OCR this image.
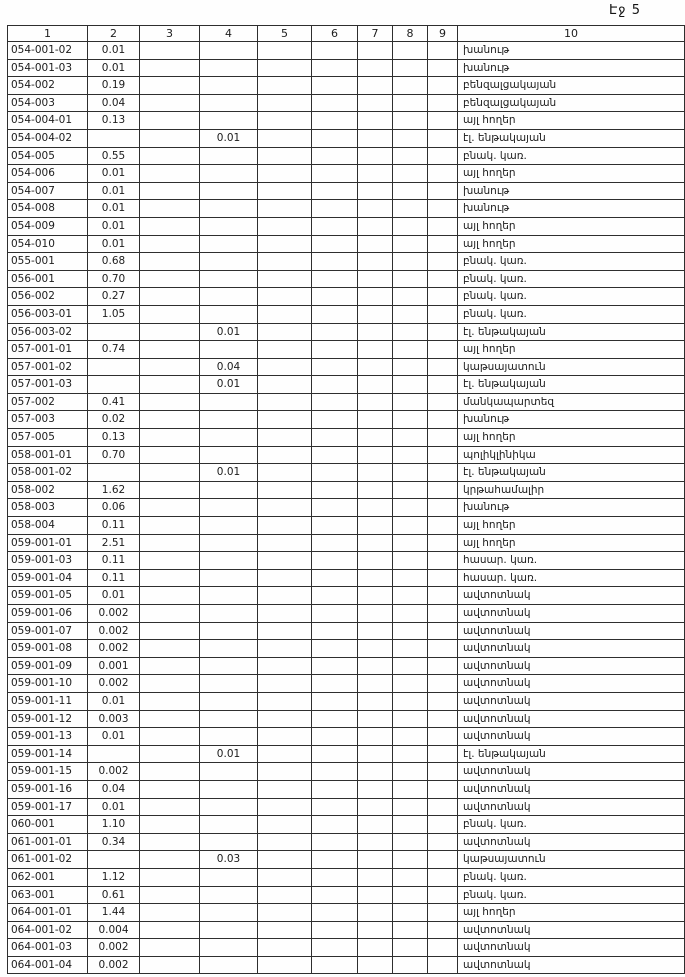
Էջ 5
1	2	3	4	5	6	7	8	9	10
054-001-02	0.01								խանութ
054-001-03	0.01								խանութ
054-002	0.19								բենզալցակայան
054-003	0.04								բենզալցակայան
054-004-01	0.13								այլ հողեր
054-004-02			0.01						էլ. ենթակայան
054-005	0.55								բնակ. կառ.
054-006	0.01								այլ հողեր
054-007	0.01								խանութ
054-008	0.01								խանութ
054-009	0.01								այլ հողեր
054-010	0.01								այլ հողեր
055-001	0.68								բնակ. կառ.
056-001	0.70								բնակ. կառ.
056-002	0.27								բնակ. կառ.
056-003-01	1.05								բնակ. կառ.
056-003-02			0.01						էլ. ենթակայան
057-001-01	0.74								այլ հողեր
057-001-02			0.04						կաթսայատուն
057-001-03			0.01						էլ. ենթակայան
057-002	0.41								մանկապարտեզ
057-003	0.02								խանութ
057-005	0.13								այլ հողեր
058-001-01	0.70								պոլիկլինիկա
058-001-02			0.01						էլ. ենթակայան
058-002	1.62								կրթահամալիր
058-003	0.06								խանութ
058-004	0.11								այլ հողեր
059-001-01	2.51								այլ հողեր
059-001-03	0.11								հասար. կառ.
059-001-04	0.11								հասար. կառ.
059-001-05	0.01								ավտոտնակ
059-001-06	0.002								ավտոտնակ
059-001-07	0.002								ավտոտնակ
059-001-08	0.002								ավտոտնակ
059-001-09	0.001								ավտոտնակ
059-001-10	0.002								ավտոտնակ
059-001-11	0.01								ավտոտնակ
059-001-12	0.003								ավտոտնակ
059-001-13	0.01								ավտոտնակ
059-001-14			0.01						էլ. ենթակայան
059-001-15	0.002								ավտոտնակ
059-001-16	0.04								ավտոտնակ
059-001-17	0.01								ավտոտնակ
060-001	1.10								բնակ. կառ.
061-001-01	0.34								ավտոտնակ
061-001-02			0.03						կաթսայատուն
062-001	1.12								բնակ. կառ.
063-001	0.61								բնակ. կառ.
064-001-01	1.44								այլ հողեր
064-001-02	0.004								ավտոտնակ
064-001-03	0.002								ավտոտնակ
064-001-04	0.002								ավտոտնակ
